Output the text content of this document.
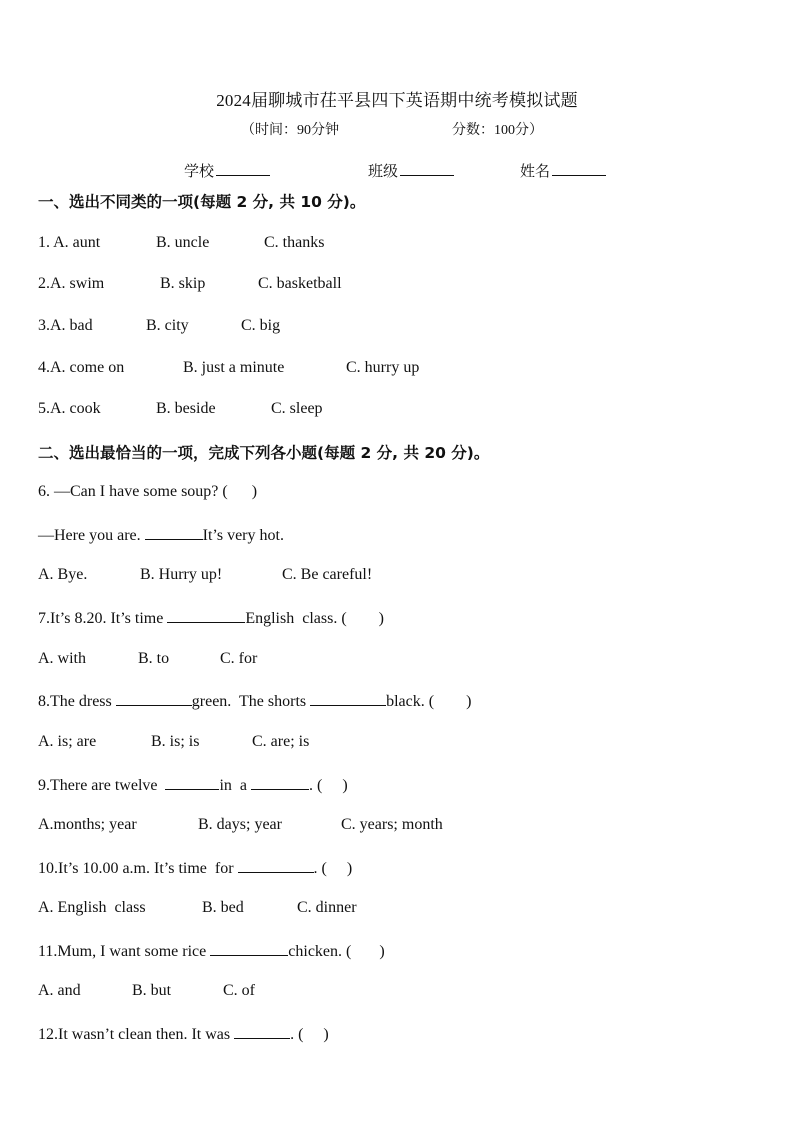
2024届聊城市茌平县四下英语期中统考模拟试题
（时间：90分钟	分数：100分）
学校	班级	姓名
一、选出不同类的一项(每题 2 分, 共 10 分)。
1. A. aunt	B. uncle	C. thanks
2.A. swim	B. skip	C. basketball
3.A. bad	B. city	C. big
4.A. come on	B. just a minute	C. hurry up
5.A. cook	B. beside	C. sleep
二、选出最恰当的一项，完成下列各小题(每题 2 分, 共 20 分)。
6. —Can I have some soup? (      )
—Here you are.	It’s very hot.
A. Bye.	B. Hurry up!	C. Be careful!
7.It’s 8.20. It’s time	English  class. (        )
A. with	B. to	C. for
8.The dress	green.  The shorts	black. (        )
A. is; are	B. is; is	C. are; is
9.There are twelve	in  a	. (     )
A.months; year	B. days; year	C. years; month
10.It’s 10.00 a.m. It’s time  for	. (     )
A. English  class	B. bed	C. dinner
11.Mum, I want some rice	chicken. (       )
A. and	B. but	C. of
12.It wasn’t clean then. It was	. (     )
